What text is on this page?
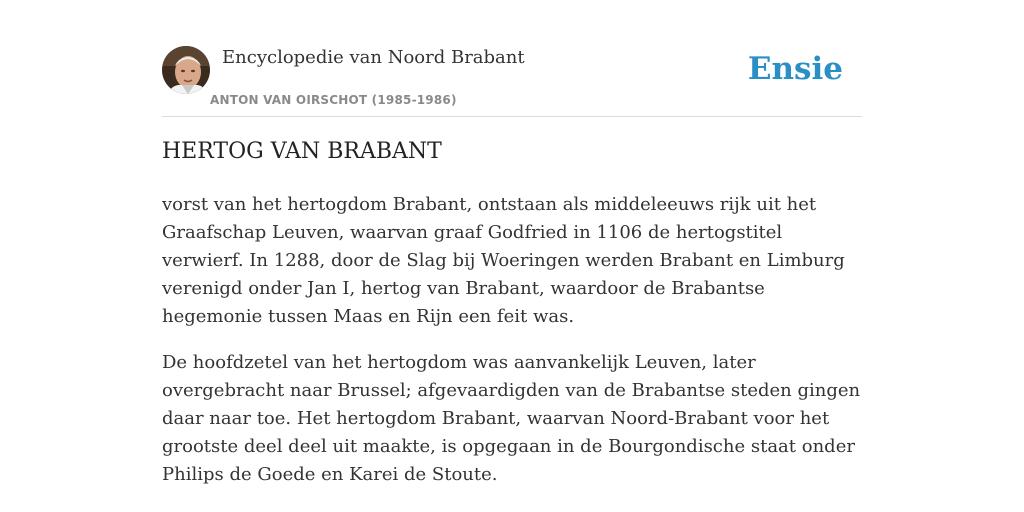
Encyclopedie van Noord Brabant
ANTON VAN OIRSCHOT (1985-1986)
Ensie
HERTOG VAN BRABANT

vorst van het hertogdom Brabant, ontstaan als middeleeuws rijk uit het Graafschap Leuven, waarvan graaf Godfried in 1106 de hertogstitel verwierf. In 1288, door de Slag bij Woeringen werden Brabant en Limburg verenigd onder Jan I, hertog van Brabant, waardoor de Brabantse hegemonie tussen Maas en Rijn een feit was.

De hoofdzetel van het hertogdom was aanvankelijk Leuven, later overgebracht naar Brussel; afgevaardigden van de Brabantse steden gingen daar naar toe. Het hertogdom Brabant, waarvan Noord-Brabant voor het grootste deel deel uit maakte, is opgegaan in de Bourgondische staat onder Philips de Goede en Karei de Stoute.
